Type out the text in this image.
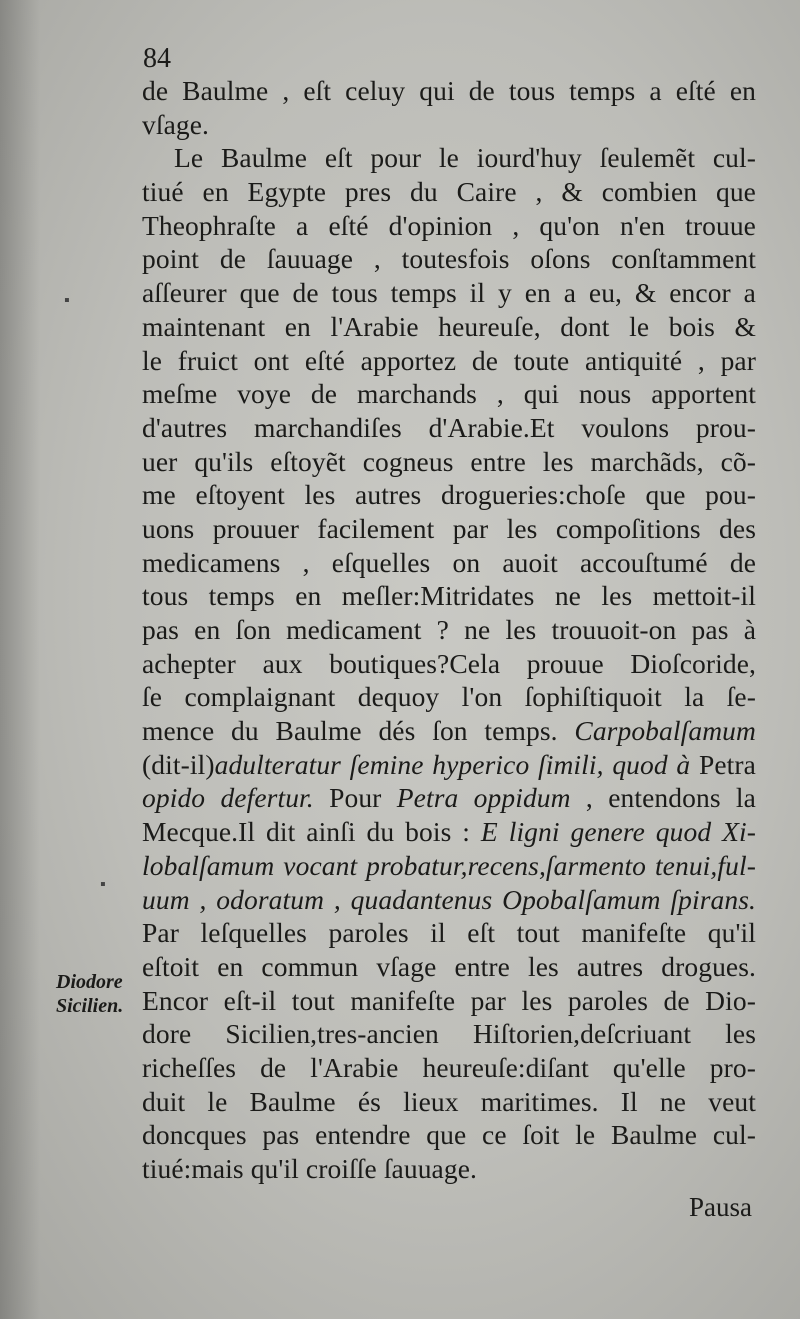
84
de Baulme , eſt celuy qui de tous temps a eſté en
vſage.
Le Baulme eſt pour le iourd'huy ſeulemẽt cul-
tiué en Egypte pres du Caire , & combien que
Theophraſte a eſté d'opinion , qu'on n'en trouue
point de ſauuage , toutesfois oſons conſtamment
aſſeurer que de tous temps il y en a eu, & encor a
maintenant en l'Arabie heureuſe, dont le bois &
le fruict ont eſté apportez de toute antiquité , par
meſme voye de marchands , qui nous apportent
d'autres marchandiſes d'Arabie.Et voulons prou-
uer qu'ils eſtoyẽt cogneus entre les marchãds, cõ-
me eſtoyent les autres drogueries:choſe que pou-
uons prouuer facilement par les compoſitions des
medicamens , eſquelles on auoit accouſtumé de
tous temps en meſler:Mitridates ne les mettoit-il
pas en ſon medicament ? ne les trouuoit-on pas à
achepter aux boutiques?Cela prouue Dioſcoride,
ſe complaignant dequoy l'on ſophiſtiquoit la ſe-
mence du Baulme dés ſon temps. Carpobalſamum
(dit-il)adulteratur ſemine hyperico ſimili, quod à Petra
opido defertur. Pour Petra oppidum , entendons la
Mecque.Il dit ainſi du bois : E ligni genere quod Xi-
lobalſamum vocant probatur,recens,ſarmento tenui,ful-
uum , odoratum , quadantenus Opobalſamum ſpirans.
Par leſquelles paroles il eſt tout manifeſte qu'il
eſtoit en commun vſage entre les autres drogues.
Encor eſt-il tout manifeſte par les paroles de Dio-
dore Sicilien,tres-ancien Hiſtorien,deſcriuant les
richeſſes de l'Arabie heureuſe:diſant qu'elle pro-
duit le Baulme és lieux maritimes. Il ne veut
doncques pas entendre que ce ſoit le Baulme cul-
tiué:mais qu'il croiſſe ſauuage.
Diodore
Sicilien.
▪
▪
Pausa
